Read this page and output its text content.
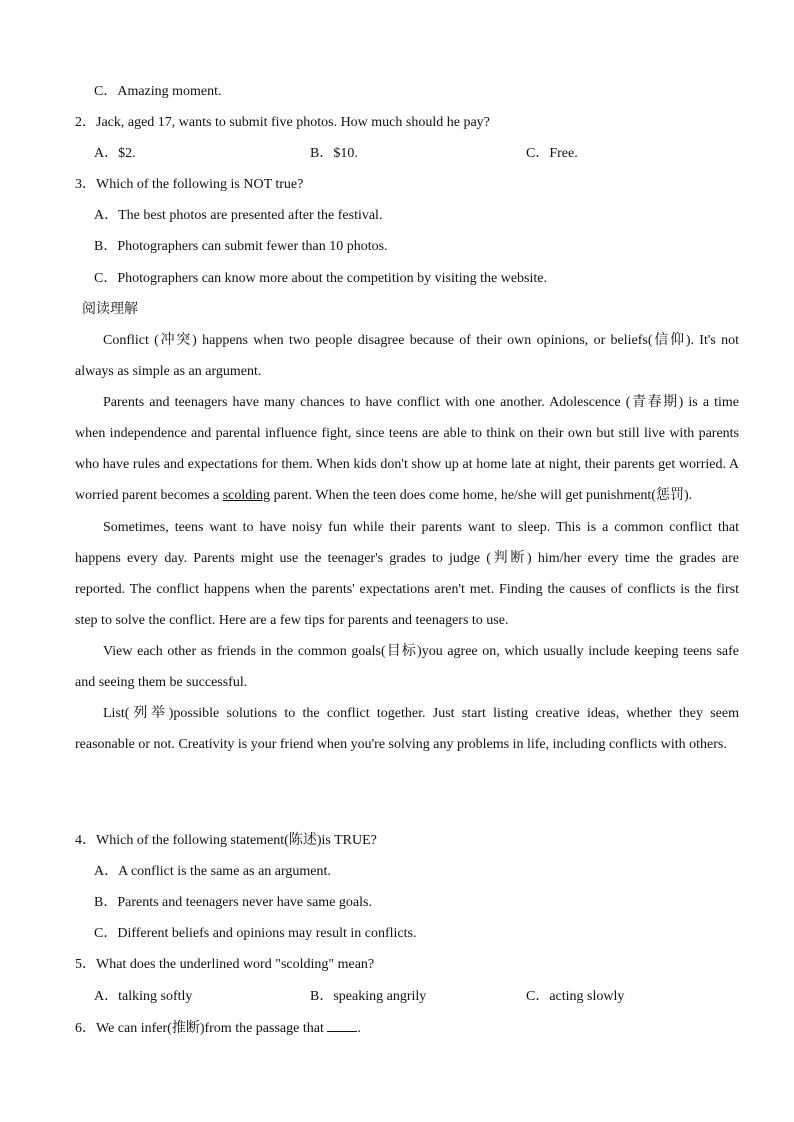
C．Amazing moment.
2．Jack, aged 17, wants to submit five photos. How much should he pay?
A．$2.	B．$10.	C．Free.
3．Which of the following is NOT true?
A．The best photos are presented after the festival.
B．Photographers can submit fewer than 10 photos.
C．Photographers can know more about the competition by visiting the website.
阅读理解

Conflict (冲突) happens when two people disagree because of their own opinions, or beliefs(信仰). It's not always as simple as an argument.

Parents and teenagers have many chances to have conflict with one another. Adolescence (青春期) is a time when independence and parental influence fight, since teens are able to think on their own but still live with parents who have rules and expectations for them. When kids don't show up at home late at night, their parents get worried. A worried parent becomes a scolding parent. When the teen does come home, he/she will get punishment(惩罚).

Sometimes, teens want to have noisy fun while their parents want to sleep. This is a common conflict that happens every day. Parents might use the teenager's grades to judge (判断) him/her every time the grades are reported. The conflict happens when the parents' expectations aren't met. Finding the causes of conflicts is the first step to solve the conflict. Here are a few tips for parents and teenagers to use.

View each other as friends in the common goals(目标)you agree on, which usually include keeping teens safe and seeing them be successful.

List(列举)possible solutions to the conflict together. Just start listing creative ideas, whether they seem reasonable or not. Creativity is your friend when you're solving any problems in life, including conflicts with others.

4．Which of the following statement(陈述)is TRUE?
A．A conflict is the same as an argument.
B．Parents and teenagers never have same goals.
C．Different beliefs and opinions may result in conflicts.
5．What does the underlined word "scolding" mean?
A．talking softly	B．speaking angrily	C．acting slowly
6．We can infer(推断)from the passage that .
